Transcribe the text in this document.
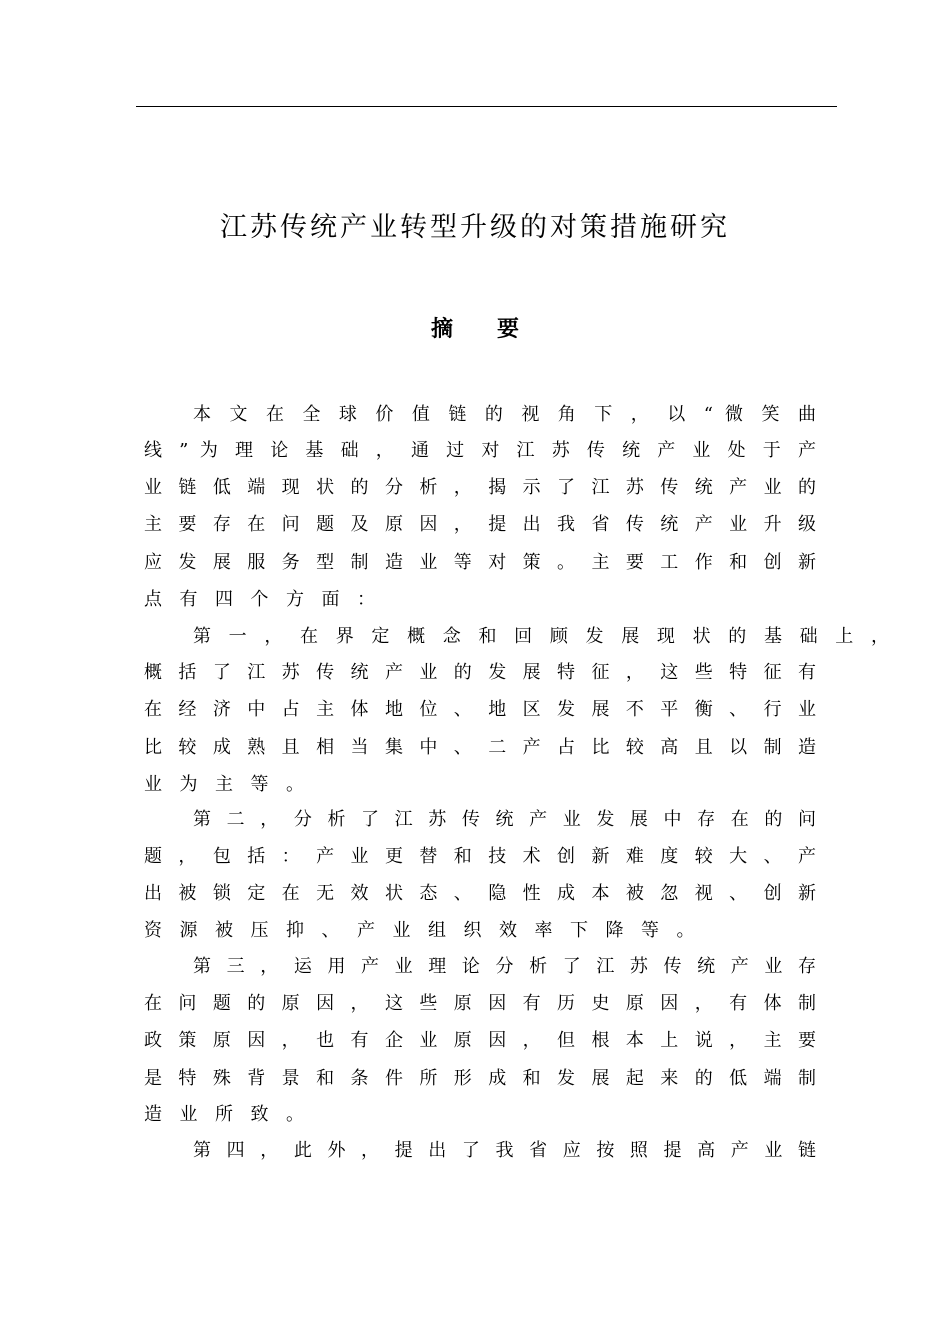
江苏传统产业转型升级的对策措施研究
摘要
本 文 在 全 球 价 值 链 的 视 角 下 ， 以 “ 微 笑 曲
线 ” 为 理 论 基 础 ， 通 过 对 江 苏 传 统 产 业 处 于 产
业 链 低 端 现 状 的 分 析 ， 揭 示 了 江 苏 传 统 产 业 的
主 要 存 在 问 题 及 原 因 ， 提 出 我 省 传 统 产 业 升 级
应 发 展 服 务 型 制 造 业 等 对 策 。 主 要 工 作 和 创 新
点有四个方面：
第 一 ， 在 界 定 概 念 和 回 顾 发 展 现 状 的 基 础 上 ，
概 括 了 江 苏 传 统 产 业 的 发 展 特 征 ， 这 些 特 征 有
在 经 济 中 占 主 体 地 位 、 地 区 发 展 不 平 衡 、 行 业
比 较 成 熟 且 相 当 集 中 、 二 产 占 比 较 高 且 以 制 造
业为主等。
第 二 ， 分 析 了 江 苏 传 统 产 业 发 展 中 存 在 的 问
题 ， 包 括 ： 产 业 更 替 和 技 术 创 新 难 度 较 大 、 产
出 被 锁 定 在 无 效 状 态 、 隐 性 成 本 被 忽 视 、 创 新
资源被压抑、产业组织效率下降等。
第 三 ， 运 用 产 业 理 论 分 析 了 江 苏 传 统 产 业 存
在 问 题 的 原 因 ， 这 些 原 因 有 历 史 原 因 ， 有 体 制
政 策 原 因 ， 也 有 企 业 原 因 ， 但 根 本 上 说 ， 主 要
是 特 殊 背 景 和 条 件 所 形 成 和 发 展 起 来 的 低 端 制
造业所致。
第 四 ， 此 外 ， 提 出 了 我 省 应 按 照 提 高 产 业 链
